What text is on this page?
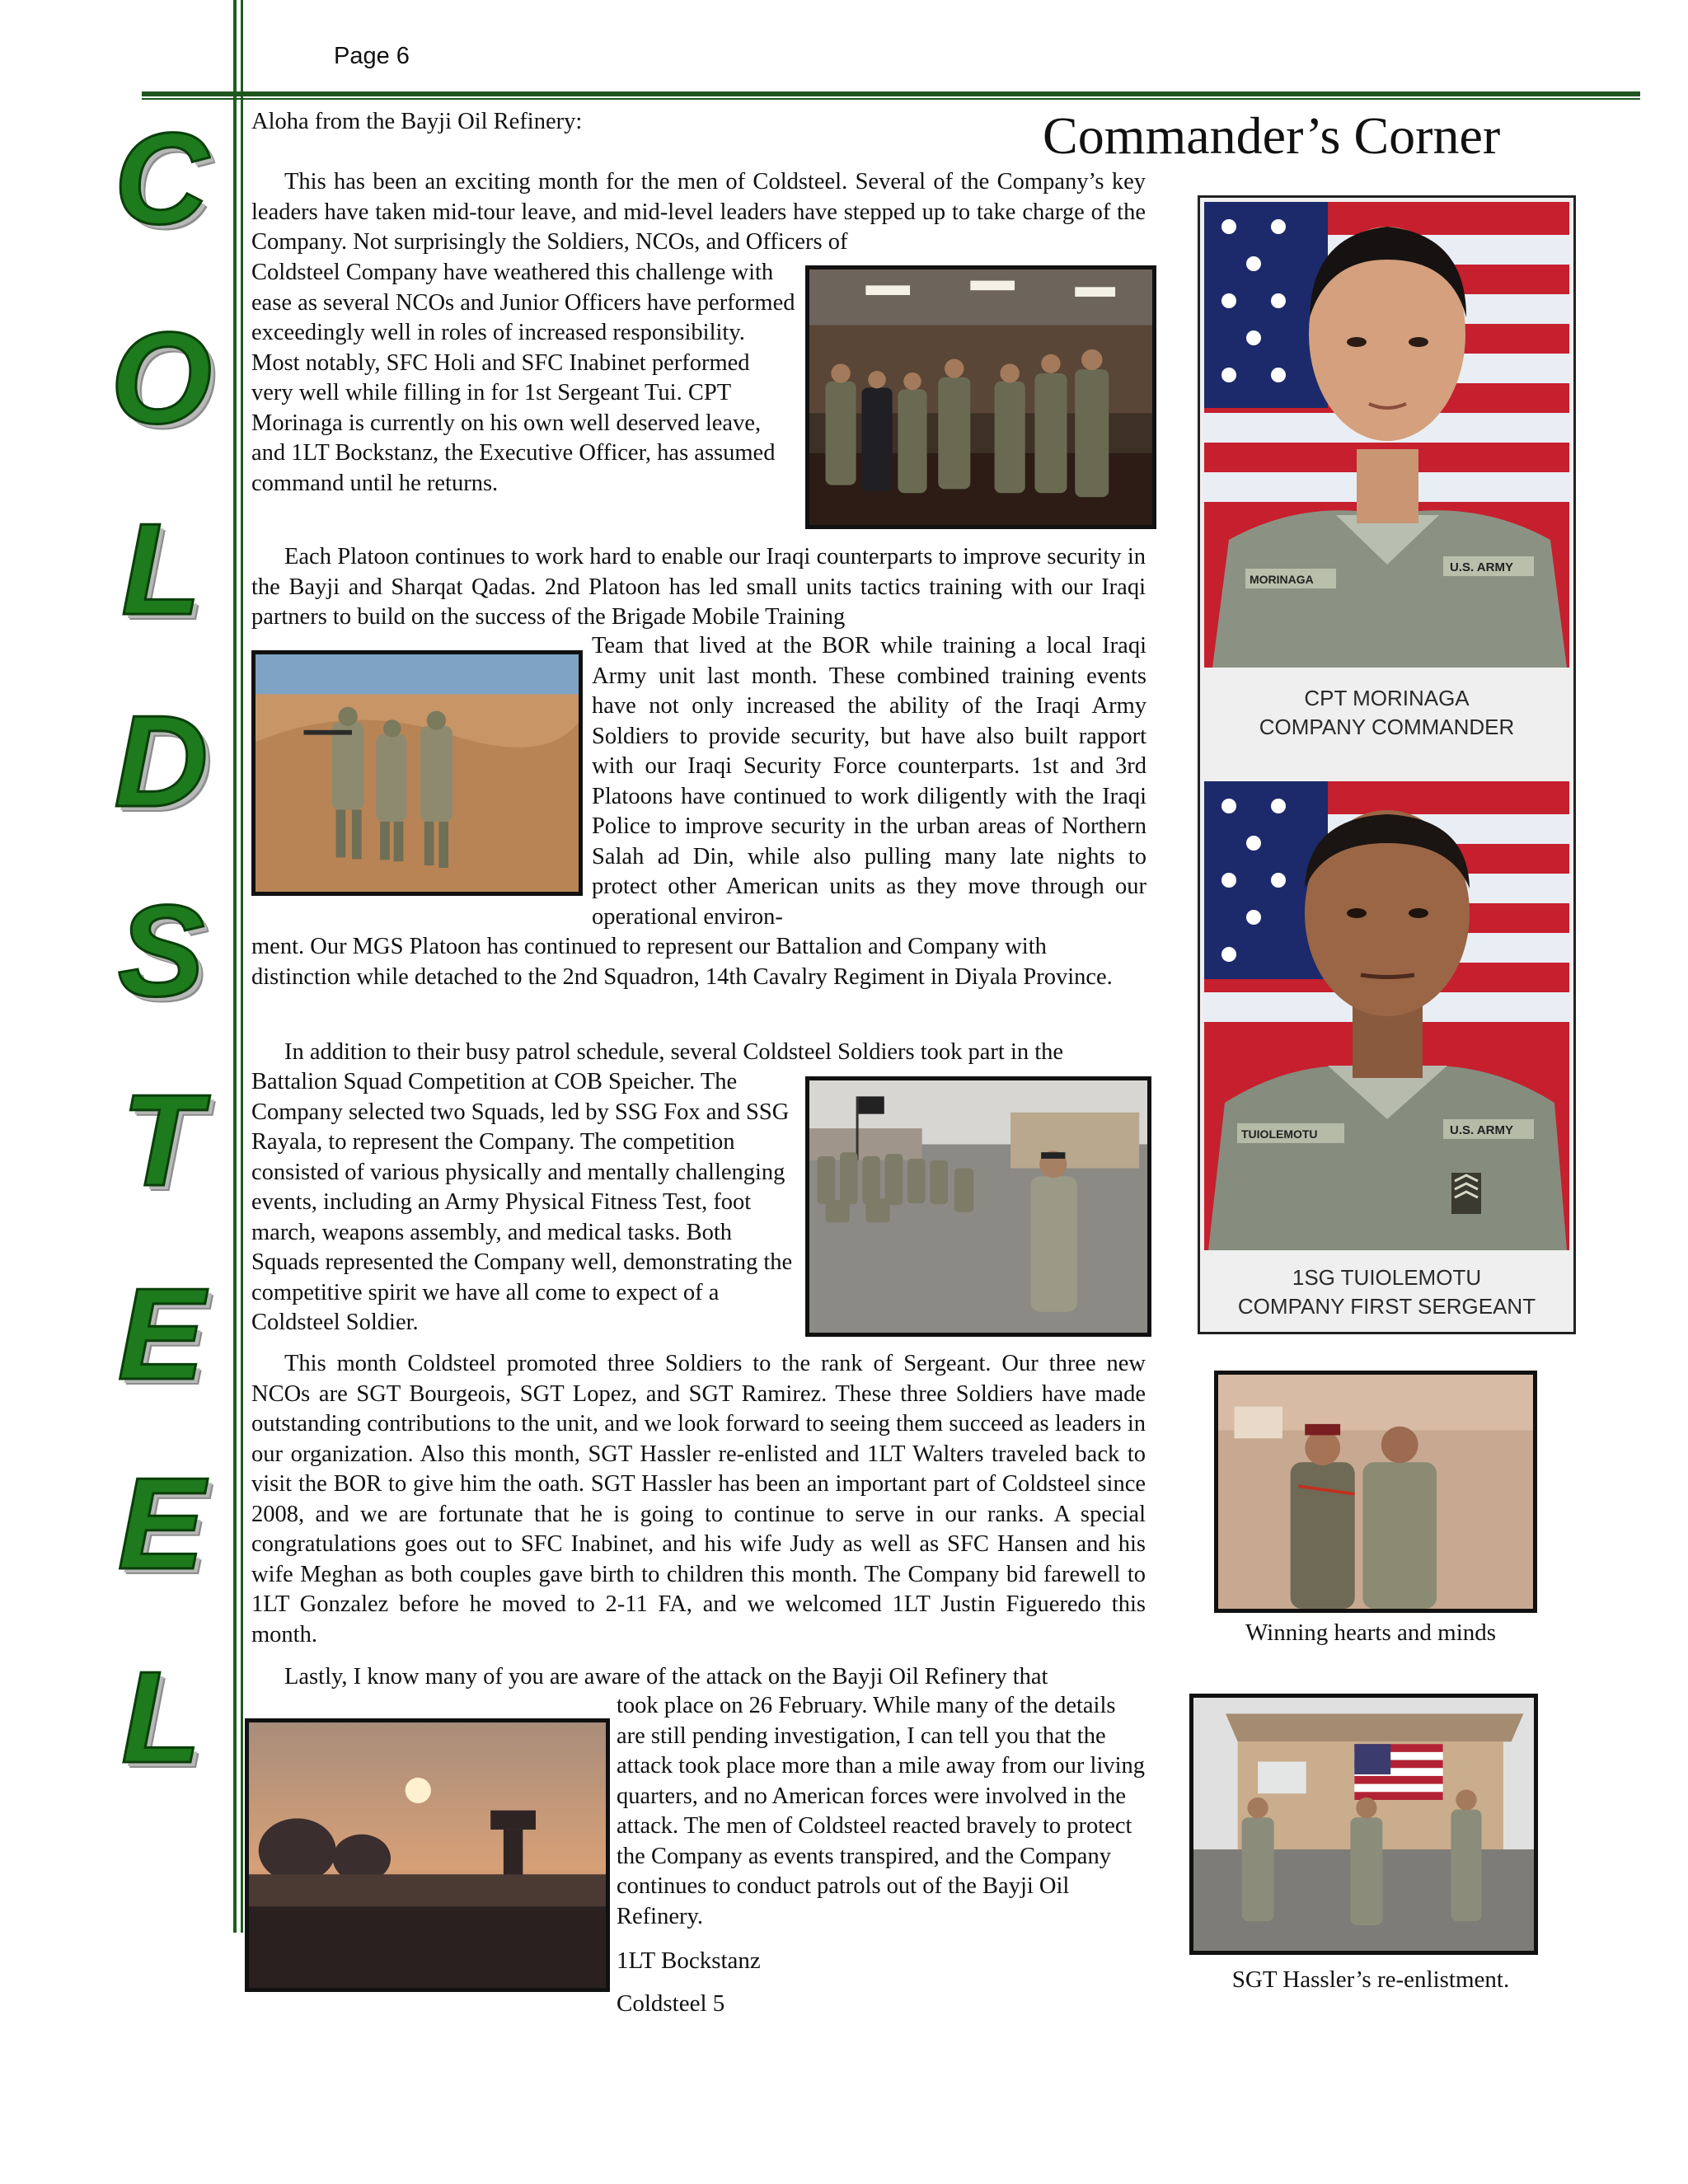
Page 6
C
O
L
D
S
T
E
E
L
Commander’s Corner
Aloha from the Bayji Oil Refinery:

This has been an exciting month for the men of Coldsteel. Several of the Company’s key leaders have taken mid-tour leave, and mid-level leaders have stepped up to take charge of the Company. Not surprisingly the Soldiers, NCOs, and Officers of

Coldsteel Company have weathered this challenge with ease as several NCOs and Junior Officers have performed exceedingly well in roles of increased responsibility. Most notably, SFC Holi and SFC Inabinet performed very well while filling in for 1st Sergeant Tui. CPT Morinaga is currently on his own well deserved leave, and 1LT Bockstanz, the Executive Officer, has assumed command until he returns.

Each Platoon continues to work hard to enable our Iraqi counterparts to improve security in the Bayji and Sharqat Qadas. 2nd Platoon has led small units tactics training with our Iraqi partners to build on the success of the Brigade Mobile Training

Team that lived at the BOR while training a local Iraqi Army unit last month. These combined training events have not only increased the ability of the Iraqi Army Soldiers to provide security, but have also built rapport with our Iraqi Security Force counterparts. 1st and 3rd Platoons have continued to work diligently with the Iraqi Police to improve security in the urban areas of Northern Salah ad Din, while also pulling many late nights to protect other American units as they move through our operational environ-
ment. Our MGS Platoon has continued to represent our Battalion and Company with distinction while detached to the 2nd Squadron, 14th Cavalry Regiment in Diyala Province.

In addition to their busy patrol schedule, several Coldsteel Soldiers took part in the

Battalion Squad Competition at COB Speicher. The Company selected two Squads, led by SSG Fox and SSG Rayala, to represent the Company. The competition consisted of various physically and mentally challenging events, including an Army Physical Fitness Test, foot march, weapons assembly, and medical tasks. Both Squads represented the Company well, demonstrating the competitive spirit we have all come to expect of a Coldsteel Soldier.

This month Coldsteel promoted three Soldiers to the rank of Sergeant. Our three new NCOs are SGT Bourgeois, SGT Lopez, and SGT Ramirez. These three Soldiers have made outstanding contributions to the unit, and we look forward to seeing them succeed as leaders in our organization. Also this month, SGT Hassler re-enlisted and 1LT Walters traveled back to visit the BOR to give him the oath. SGT Hassler has been an important part of Coldsteel since 2008, and we are fortunate that he is going to continue to serve in our ranks. A special congratulations goes out to SFC Inabinet, and his wife Judy as well as SFC Hansen and his wife Meghan as both couples gave birth to children this month. The Company bid farewell to 1LT Gonzalez before he moved to 2-11 FA, and we welcomed 1LT Justin Figueredo this month.

Lastly, I know many of you are aware of the attack on the Bayji Oil Refinery that

took place on 26 February. While many of the details are still pending investigation, I can tell you that the attack took place more than a mile away from our living quarters, and no American forces were involved in the attack. The men of Coldsteel reacted bravely to protect the Company as events transpired, and the Company continues to conduct patrols out of the Bayji Oil Refinery.
1LT Bockstanz
Coldsteel 5
MORINAGA
U.S. ARMY
CPT MORINAGA
COMPANY COMMANDER
TUIOLEMOTU	U.S. ARMY
1SG TUIOLEMOTU
COMPANY FIRST SERGEANT
Winning hearts and minds
SGT Hassler’s re-enlistment.
